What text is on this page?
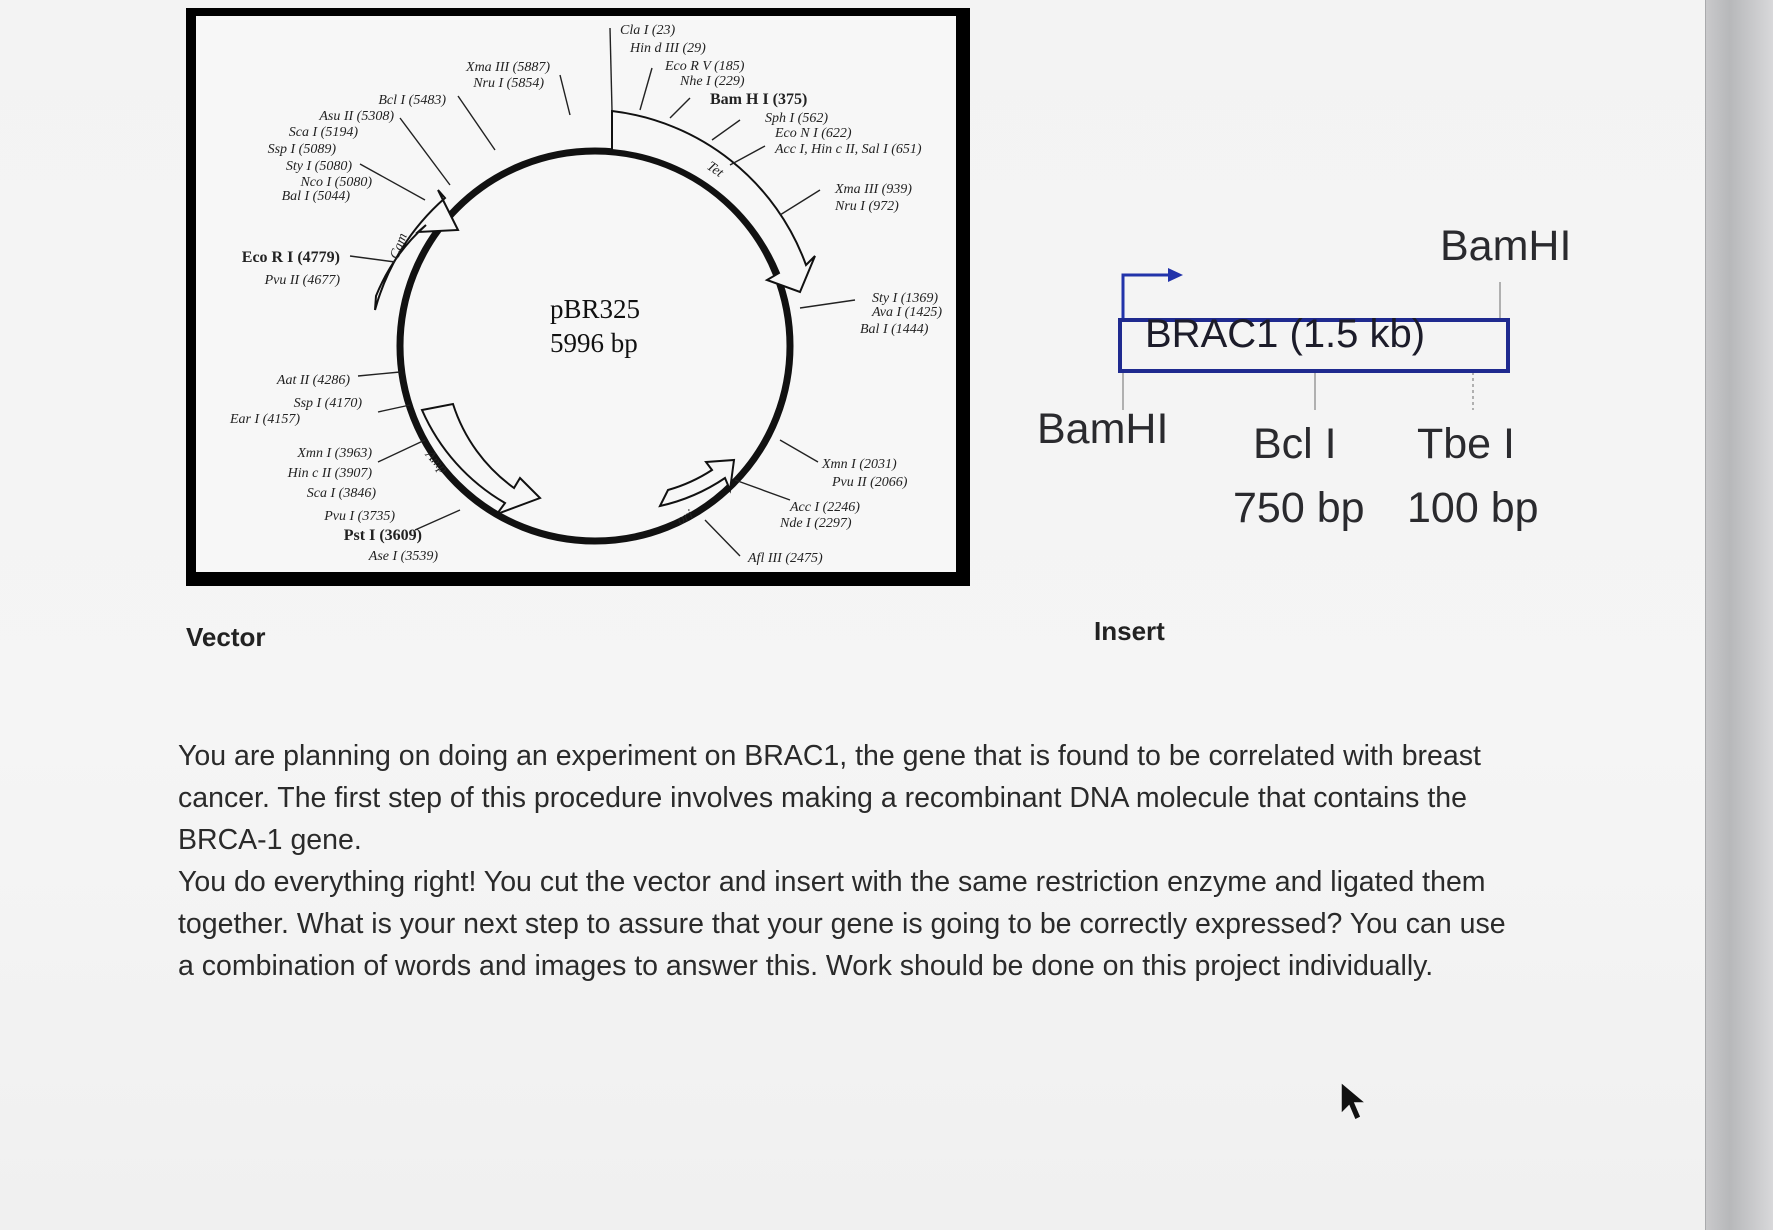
Tet
Cam
Amp
ori
pBR325
5996 bp
Cla I (23)
Hin d III (29)
Eco R V (185)
Nhe I (229)
Bam H I (375)
Sph I (562)
Eco N I (622)
Acc I, Hin c II, Sal I (651)
Xma III (939)
Nru I (972)
Sty I (1369)
Ava I (1425)
Bal I (1444)
Xmn I (2031)
Pvu II (2066)
Acc I (2246)
Nde I (2297)
Afl III (2475)
Xma III (5887)
Nru I (5854)
Bcl I (5483)
Asu II (5308)
Sca I (5194)
Ssp I (5089)
Sty I (5080)
Nco I (5080)
Bal I (5044)
Eco R I (4779)
Pvu II (4677)
Aat II (4286)
Ssp I (4170)
Ear I (4157)
Xmn I (3963)
Hin c II (3907)
Sca I (3846)
Pvu I (3735)
Pst I (3609)
Ase I (3539)
BRAC1 (1.5 kb)
BamHI
BamHI Bcl I Tbe I
750 bp 100 bp
Vector	Insert

You are planning on doing an experiment on BRAC1, the gene that is found to be correlated with breast cancer. The first step of this procedure involves making a recombinant DNA molecule that contains the BRCA-1 gene.

You do everything right! You cut the vector and insert with the same restriction enzyme and ligated them together. What is your next step to assure that your gene is going to be correctly expressed? You can use a combination of words and images to answer this. Work should be done on this project individually.
